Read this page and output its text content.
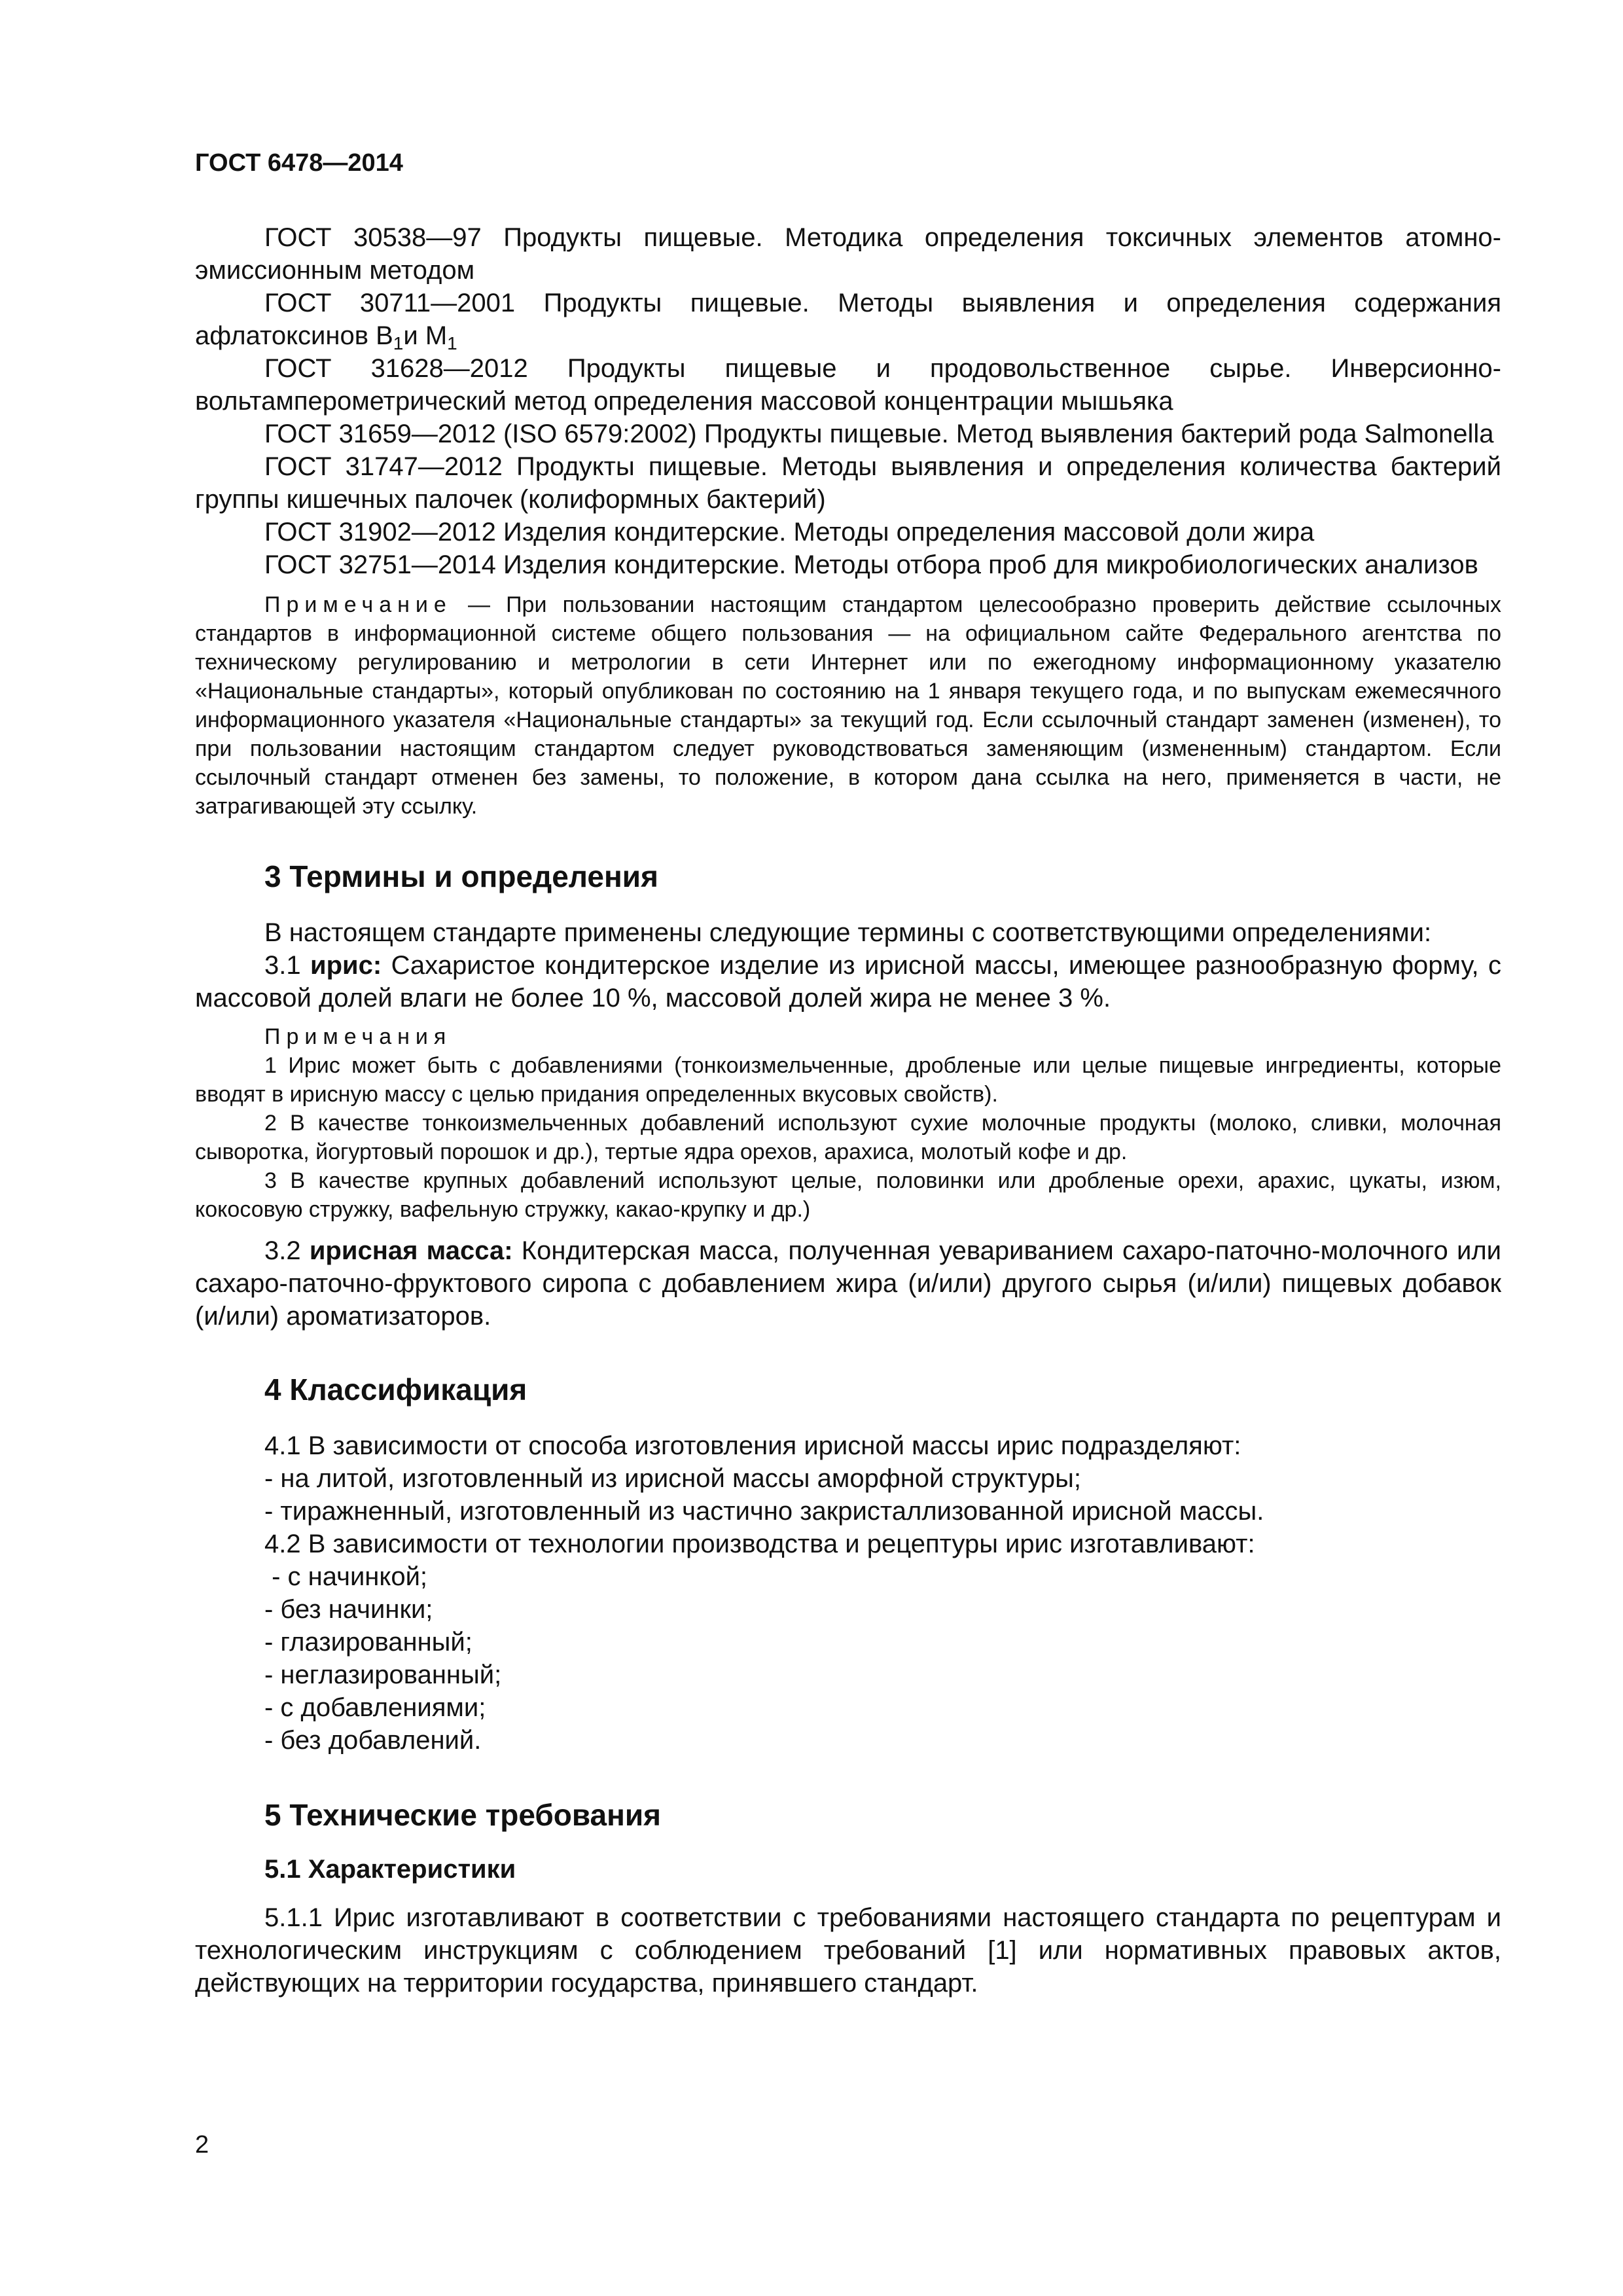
ГОСТ 6478—2014

ГОСТ 30538—97 Продукты пищевые. Методика определения токсичных элементов атомно-эмиссионным методом

ГОСТ 30711—2001 Продукты пищевые. Методы выявления и определения содержания афлатоксинов $B_1и$ $M_1$

ГОСТ 31628—2012 Продукты пищевые и продовольственное сырье. Инверсионно-вольтамперометрический метод определения массовой концентрации мышьяка

ГОСТ 31659—2012 (ISO 6579:2002) Продукты пищевые. Метод выявления бактерий рода Salmonella

ГОСТ 31747—2012 Продукты пищевые. Методы выявления и определения количества бактерий группы кишечных палочек (колиформных бактерий)

ГОСТ 31902—2012 Изделия кондитерские. Методы определения массовой доли жира

ГОСТ 32751—2014 Изделия кондитерские. Методы отбора проб для микробиологических анализов

Примечание — При пользовании настоящим стандартом целесообразно проверить действие ссылочных стандартов в информационной системе общего пользования — на официальном сайте Федерального агентства по техническому регулированию и метрологии в сети Интернет или по ежегодному информационному указателю «Национальные стандарты», который опубликован по состоянию на 1 января текущего года, и по выпускам ежемесячного информационного указателя «Национальные стандарты» за текущий год. Если ссылочный стандарт заменен (изменен), то при пользовании настоящим стандартом следует руководствоваться заменяющим (измененным) стандартом. Если ссылочный стандарт отменен без замены, то положение, в котором дана ссылка на него, применяется в части, не затрагивающей эту ссылку.

3 Термины и определения

В настоящем стандарте применены следующие термины с соответствующими определениями:

3.1 ирис: Сахаристое кондитерское изделие из ирисной массы, имеющее разнообразную форму, с массовой долей влаги не более 10 %, массовой долей жира не менее 3 %.

Примечания

1 Ирис может быть с добавлениями (тонкоизмельченные, дробленые или целые пищевые ингредиенты, которые вводят в ирисную массу с целью придания определенных вкусовых свойств).

2 В качестве тонкоизмельченных добавлений используют сухие молочные продукты (молоко, сливки, молочная сыворотка, йогуртовый порошок и др.), тертые ядра орехов, арахиса, молотый кофе и др.

3 В качестве крупных добавлений используют целые, половинки или дробленые орехи, арахис, цукаты, изюм, кокосовую стружку, вафельную стружку, какао-крупку и др.)

3.2 ирисная масса: Кондитерская масса, полученная уевариванием сахаро-паточно-молочного или сахаро-паточно-фруктового сиропа с добавлением жира (и/или) другого сырья (и/или) пищевых добавок (и/или) ароматизаторов.

4 Классификация
4.1 В зависимости от способа изготовления ирисной массы ирис подразделяют:
- на литой, изготовленный из ирисной массы аморфной структуры;
- тиражненный, изготовленный из частично закристаллизованной ирисной массы.
4.2 В зависимости от технологии производства и рецептуры ирис изготавливают:
- с начинкой;
- без начинки;
- глазированный;
- неглазированный;
- с добавлениями;
- без добавлений.
5 Технические требования
5.1 Характеристики

5.1.1 Ирис изготавливают в соответствии с требованиями настоящего стандарта по рецептурам и технологическим инструкциям с соблюдением требований [1] или нормативных правовых актов, действующих на территории государства, принявшего стандарт.

2
